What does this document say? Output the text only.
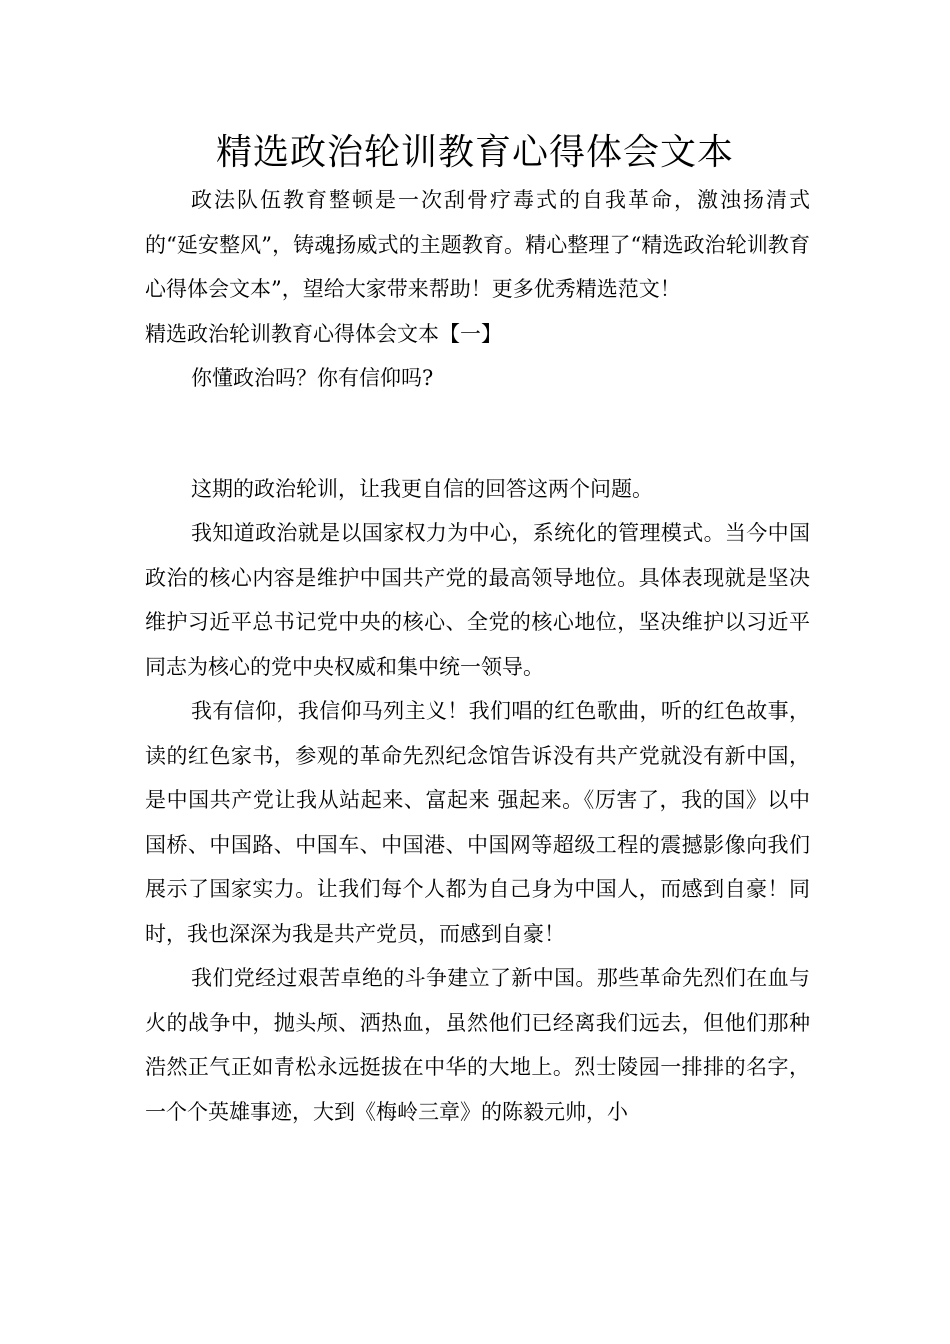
精选政治轮训教育心得体会文本

政法队伍教育整顿是一次刮骨疗毒式的自我革命，激浊扬清式的“延安整风”，铸魂扬威式的主题教育。精心整理了“精选政治轮训教育心得体会文本”，望给大家带来帮助！更多优秀精选范文！

精选政治轮训教育心得体会文本【一】

你懂政治吗？你有信仰吗?

这期的政治轮训，让我更自信的回答这两个问题。

我知道政治就是以国家权力为中心，系统化的管理模式。当今中国政治的核心内容是维护中国共产党的最高领导地位。具体表现就是坚决维护习近平总书记党中央的核心、全党的核心地位，坚决维护以习近平同志为核心的党中央权威和集中统一领导。

我有信仰，我信仰马列主义！我们唱的红色歌曲，听的红色故事，读的红色家书，参观的革命先烈纪念馆告诉没有共产党就没有新中国，是中国共产党让我从站起来、富起来 强起来。《厉害了，我的国》以中国桥、中国路、中国车、中国港、中国网等超级工程的震撼影像向我们展示了国家实力。让我们每个人都为自己身为中国人，而感到自豪！同时，我也深深为我是共产党员，而感到自豪！

我们党经过艰苦卓绝的斗争建立了新中国。那些革命先烈们在血与火的战争中，抛头颅、洒热血，虽然他们已经离我们远去，但他们那种浩然正气正如青松永远挺拔在中华的大地上。烈士陵园一排排的名字，一个个英雄事迹，大到《梅岭三章》的陈毅元帅，小
